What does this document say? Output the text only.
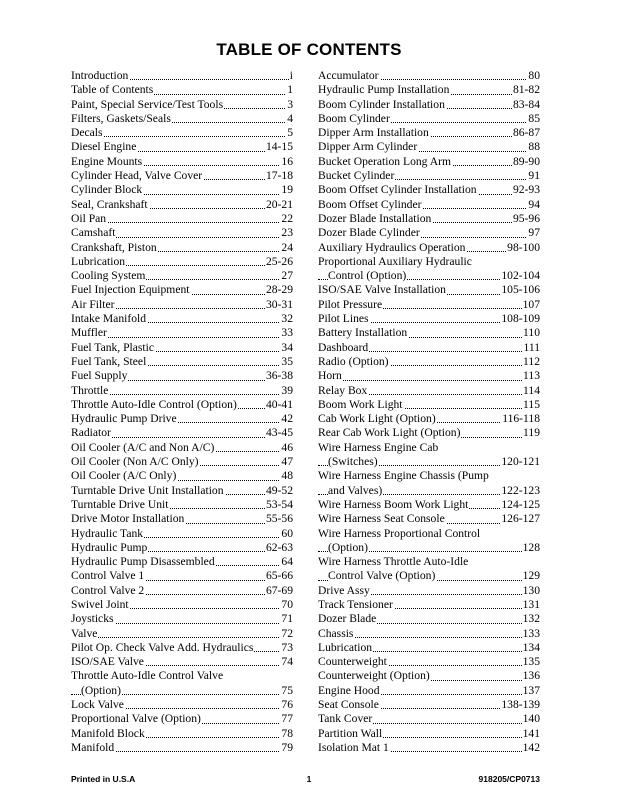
TABLE OF CONTENTS
Introduction	i
Table of Contents	1
Paint, Special Service/Test Tools	3
Filters, Gaskets/Seals	4
Decals	5
Diesel Engine	14-15
Engine Mounts	16
Cylinder Head, Valve Cover	17-18
Cylinder Block	19
Seal, Crankshaft	20-21
Oil Pan	22
Camshaft	23
Crankshaft, Piston	24
Lubrication	25-26
Cooling System	27
Fuel Injection Equipment	28-29
Air Filter	30-31
Intake Manifold	32
Muffler	33
Fuel Tank, Plastic	34
Fuel Tank, Steel	35
Fuel Supply	36-38
Throttle	39
Throttle Auto-Idle Control (Option)	40-41
Hydraulic Pump Drive	42
Radiator	43-45
Oil Cooler (A/C and Non A/C)	46
Oil Cooler (Non A/C Only)	47
Oil Cooler (A/C Only)	48
Turntable Drive Unit Installation	49-52
Turntable Drive Unit	53-54
Drive Motor Installation	55-56
Hydraulic Tank	60
Hydraulic Pump	62-63
Hydraulic Pump Disassembled	64
Control Valve 1	65-66
Control Valve 2	67-69
Swivel Joint	70
Joysticks	71
Valve	72
Pilot Op. Check Valve Add. Hydraulics 73
ISO/SAE Valve	74
Throttle Auto-Idle Control Valve
(Option)	75
Lock Valve	76
Proportional Valve (Option)	77
Manifold Block	78
Manifold	79
Accumulator	80
Hydraulic Pump Installation	81-82
Boom Cylinder Installation	83-84
Boom Cylinder	85
Dipper Arm Installation	86-87
Dipper Arm Cylinder	88
Bucket Operation Long Arm	89-90
Bucket Cylinder	91
Boom Offset Cylinder Installation	92-93
Boom Offset Cylinder	94
Dozer Blade Installation	95-96
Dozer Blade Cylinder	97
Auxiliary Hydraulics Operation	98-100
Proportional Auxiliary Hydraulic
Control (Option)	102-104
ISO/SAE Valve Installation	105-106
Pilot Pressure	107
Pilot Lines	108-109
Battery Installation	110
Dashboard	111
Radio (Option)	112
Horn	113
Relay Box	114
Boom Work Light	115
Cab Work Light (Option)	116-118
Rear Cab Work Light (Option)	119
Wire Harness Engine Cab
(Switches)	120-121
Wire Harness Engine Chassis (Pump
and Valves)	122-123
Wire Harness Boom Work Light	124-125
Wire Harness Seat Console	126-127
Wire Harness Proportional Control
(Option)	128
Wire Harness Throttle Auto-Idle
Control Valve (Option)	129
Drive Assy	130
Track Tensioner	131
Dozer Blade	132
Chassis	133
Lubrication	134
Counterweight	135
Counterweight (Option)	136
Engine Hood	137
Seat Console	138-139
Tank Cover	140
Partition Wall	141
Isolation Mat 1	142
Printed in U.S.A	1	918205/CP0713
